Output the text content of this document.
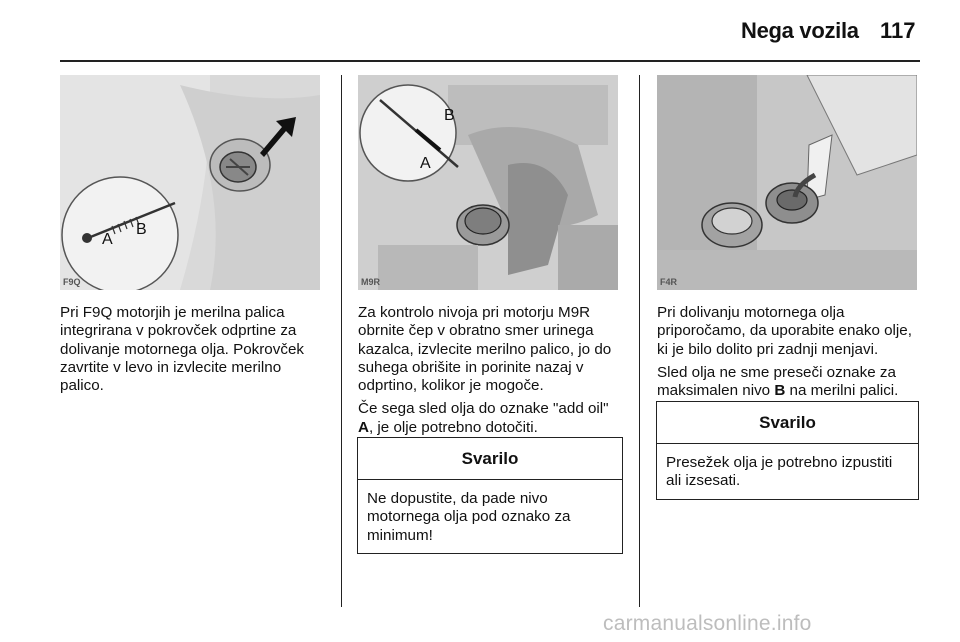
Nega vozila 117
A
B
F9Q
B
A
M9R	F4R

Pri F9Q motorjih je merilna palica integrirana v pokrovček odprtine za dolivanje motornega olja. Pokrovček zavrtite v levo in izvlecite merilno palico.

Za kontrolo nivoja pri motorju M9R obrnite čep v obratno smer urinega kazalca, izvlecite merilno palico, jo do suhega obrišite in porinite nazaj v odprtino, kolikor je mogoče.

Če sega sled olja do oznake "add oil" A, je olje potrebno dotočiti.

Svarilo
Ne dopustite, da pade nivo motornega olja pod oznako za minimum!

Pri dolivanju motornega olja priporočamo, da uporabite enako olje, ki je bilo dolito pri zadnji menjavi.

Sled olja ne sme preseči oznake za maksimalen nivo B na merilni palici.

Svarilo
Presežek olja je potrebno izpustiti ali izsesati.
carmanualsonline.info
